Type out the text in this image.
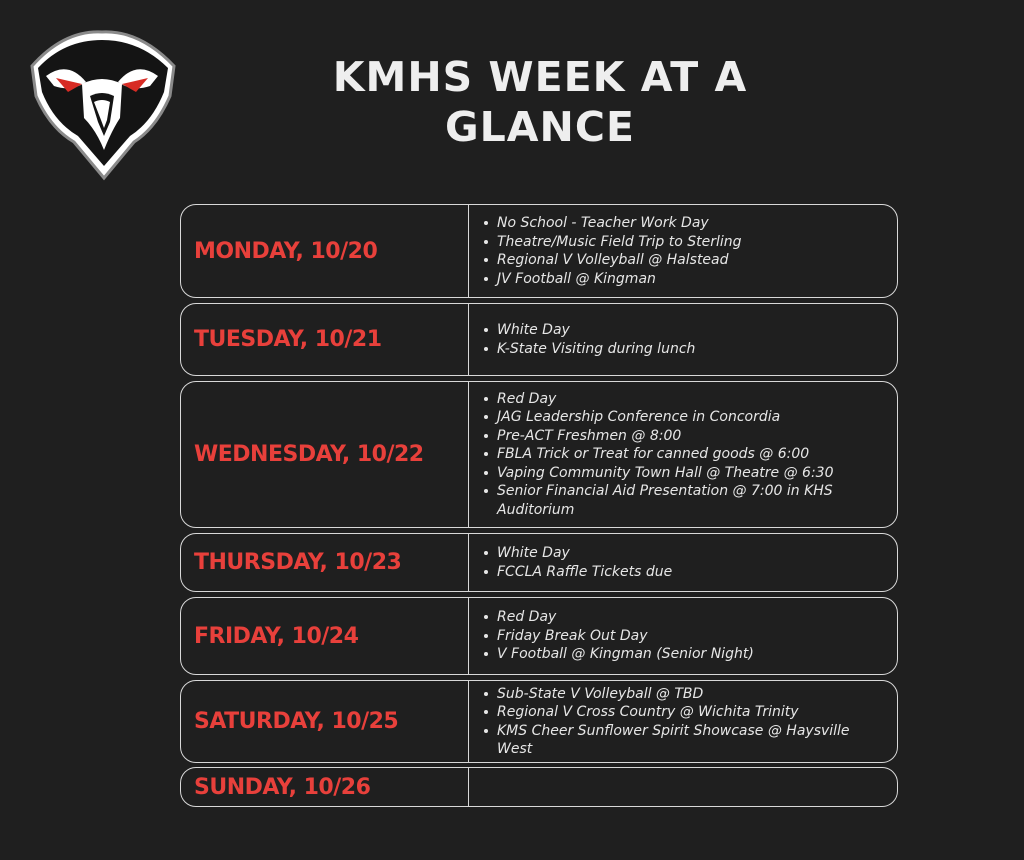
KMHS WEEK AT A
GLANCE
MONDAY, 10/20
No School - Teacher Work Day
Theatre/Music Field Trip to Sterling
Regional V Volleyball @ Halstead
JV Football @ Kingman
TUESDAY, 10/21	White Day
K-State Visiting during lunch
WEDNESDAY, 10/22
Red Day
JAG Leadership Conference in Concordia
Pre-ACT Freshmen @ 8:00
FBLA Trick or Treat for canned goods @ 6:00
Vaping Community Town Hall @ Theatre @ 6:30
Senior Financial Aid Presentation @ 7:00 in KHS Auditorium
THURSDAY, 10/23	White Day
FCCLA Raffle Tickets due
FRIDAY, 10/24
Red Day
Friday Break Out Day
V Football @ Kingman (Senior Night)
SATURDAY, 10/25
Sub-State V Volleyball @ TBD
Regional V Cross Country @ Wichita Trinity
KMS Cheer Sunflower Spirit Showcase @ Haysville West
SUNDAY, 10/26
